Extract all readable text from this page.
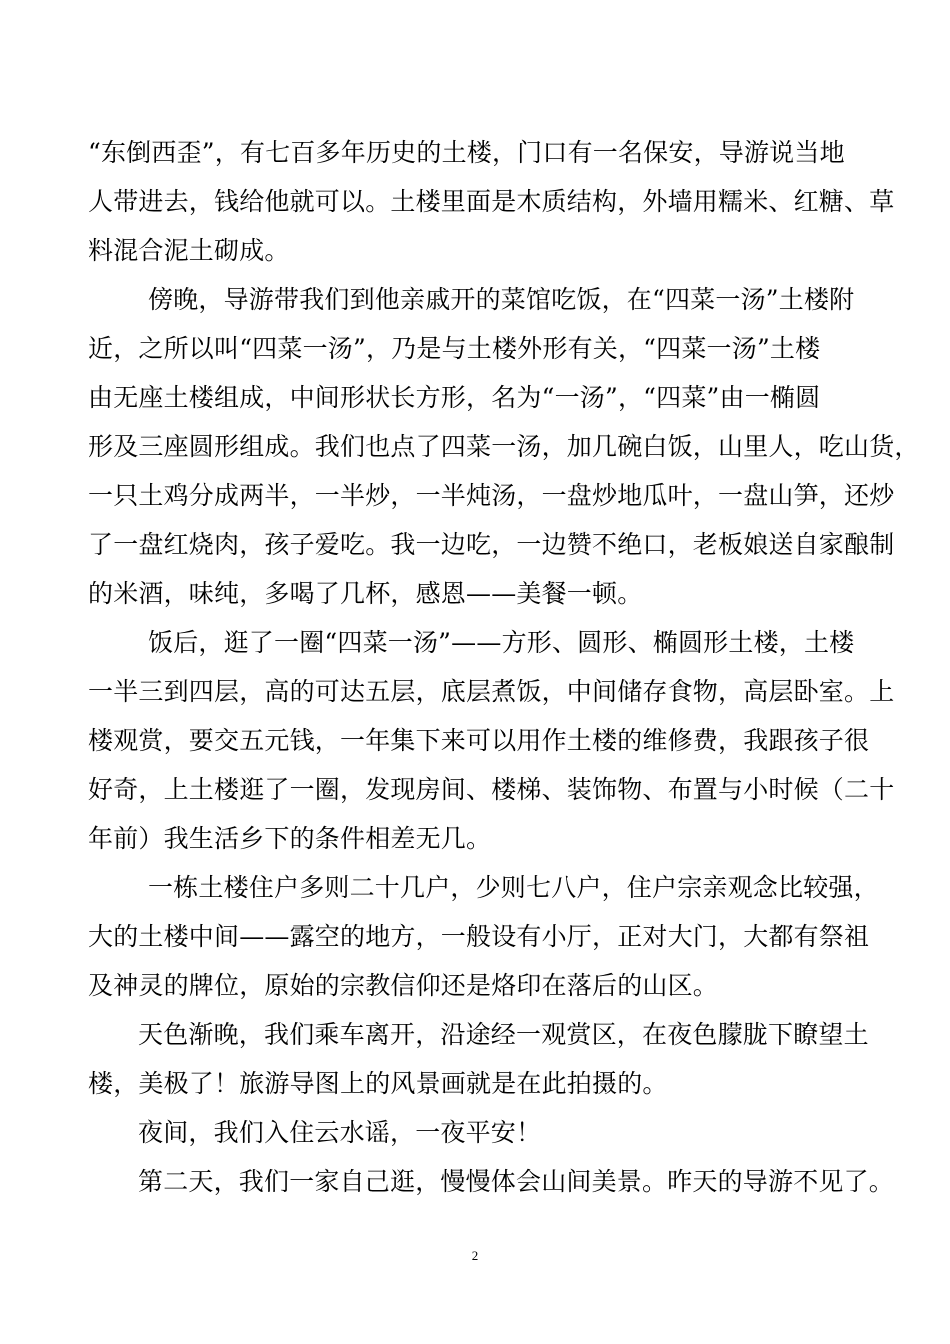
“东倒西歪”，有七百多年历史的土楼，门口有一名保安，导游说当地
人带进去，钱给他就可以。土楼里面是木质结构，外墙用糯米、红糖、草
料混合泥土砌成。
傍晚，导游带我们到他亲戚开的菜馆吃饭，在“四菜一汤”土楼附
近，之所以叫“四菜一汤”，乃是与土楼外形有关，“四菜一汤”土楼
由无座土楼组成，中间形状长方形，名为“一汤”，“四菜”由一椭圆
形及三座圆形组成。我们也点了四菜一汤，加几碗白饭，山里人，吃山货，
一只土鸡分成两半，一半炒，一半炖汤，一盘炒地瓜叶，一盘山笋，还炒
了一盘红烧肉，孩子爱吃。我一边吃，一边赞不绝口，老板娘送自家酿制
的米酒，味纯，多喝了几杯，感恩——美餐一顿。
饭后，逛了一圈“四菜一汤”——方形、圆形、椭圆形土楼，土楼
一半三到四层，高的可达五层，底层煮饭，中间储存食物，高层卧室。上
楼观赏，要交五元钱，一年集下来可以用作土楼的维修费，我跟孩子很
好奇，上土楼逛了一圈，发现房间、楼梯、装饰物、布置与小时候（二十
年前）我生活乡下的条件相差无几。
一栋土楼住户多则二十几户，少则七八户，住户宗亲观念比较强，
大的土楼中间——露空的地方，一般设有小厅，正对大门，大都有祭祖
及神灵的牌位，原始的宗教信仰还是烙印在落后的山区。
天色渐晚，我们乘车离开，沿途经一观赏区，在夜色朦胧下瞭望土
楼，美极了！旅游导图上的风景画就是在此拍摄的。
夜间，我们入住云水谣，一夜平安！
第二天，我们一家自己逛，慢慢体会山间美景。昨天的导游不见了。
2
